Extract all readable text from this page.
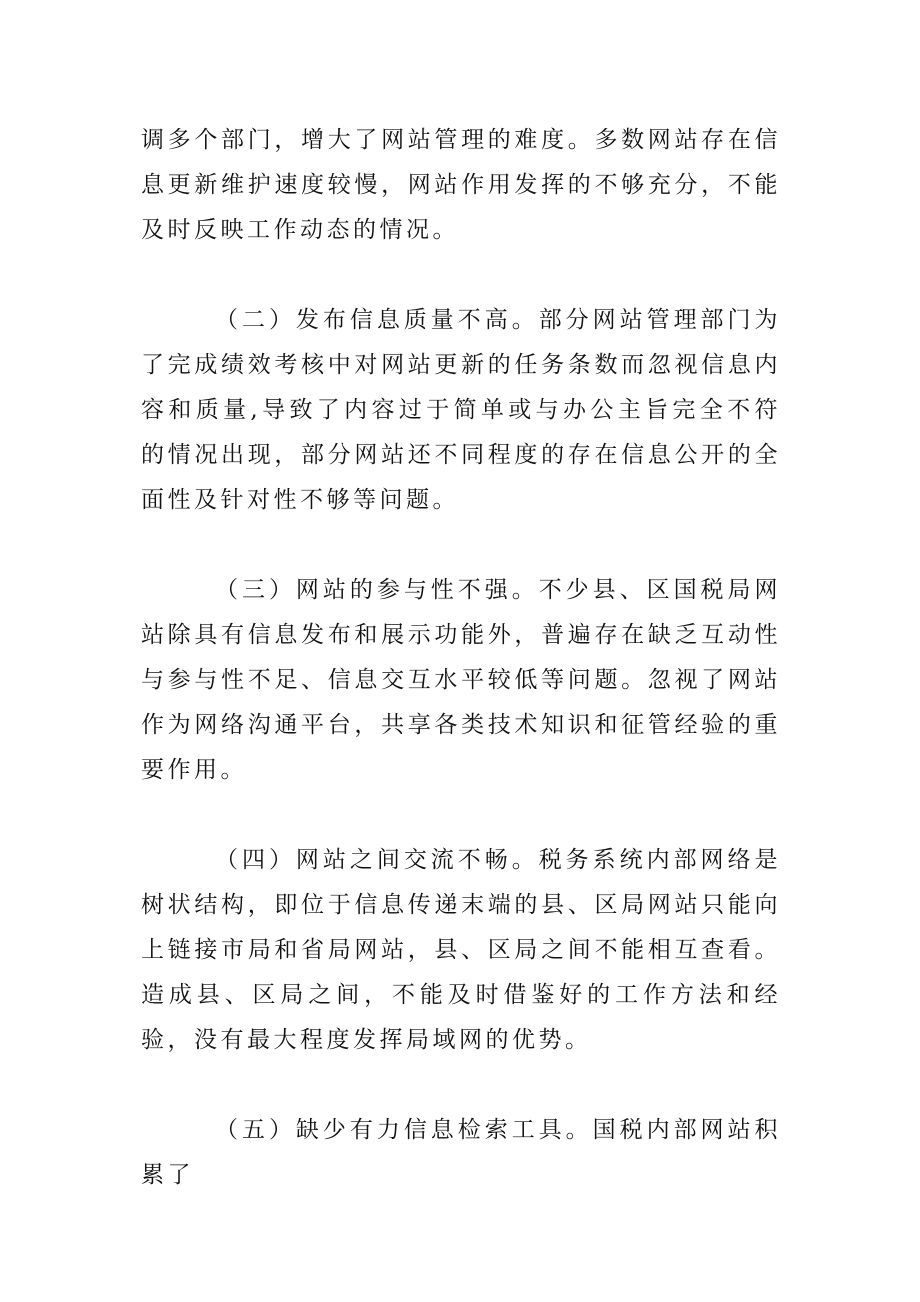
调多个部门，增大了网站管理的难度。多数网站存在信息更新维护速度较慢，网站作用发挥的不够充分，不能及时反映工作动态的情况。

（二）发布信息质量不高。部分网站管理部门为了完成绩效考核中对网站更新的任务条数而忽视信息内容和质量,导致了内容过于简单或与办公主旨完全不符的情况出现，部分网站还不同程度的存在信息公开的全面性及针对性不够等问题。

（三）网站的参与性不强。不少县、区国税局网站除具有信息发布和展示功能外，普遍存在缺乏互动性与参与性不足、信息交互水平较低等问题。忽视了网站作为网络沟通平台，共享各类技术知识和征管经验的重要作用。

（四）网站之间交流不畅。税务系统内部网络是树状结构，即位于信息传递末端的县、区局网站只能向上链接市局和省局网站，县、区局之间不能相互查看。造成县、区局之间，不能及时借鉴好的工作方法和经验，没有最大程度发挥局域网的优势。

（五）缺少有力信息检索工具。国税内部网站积累了
